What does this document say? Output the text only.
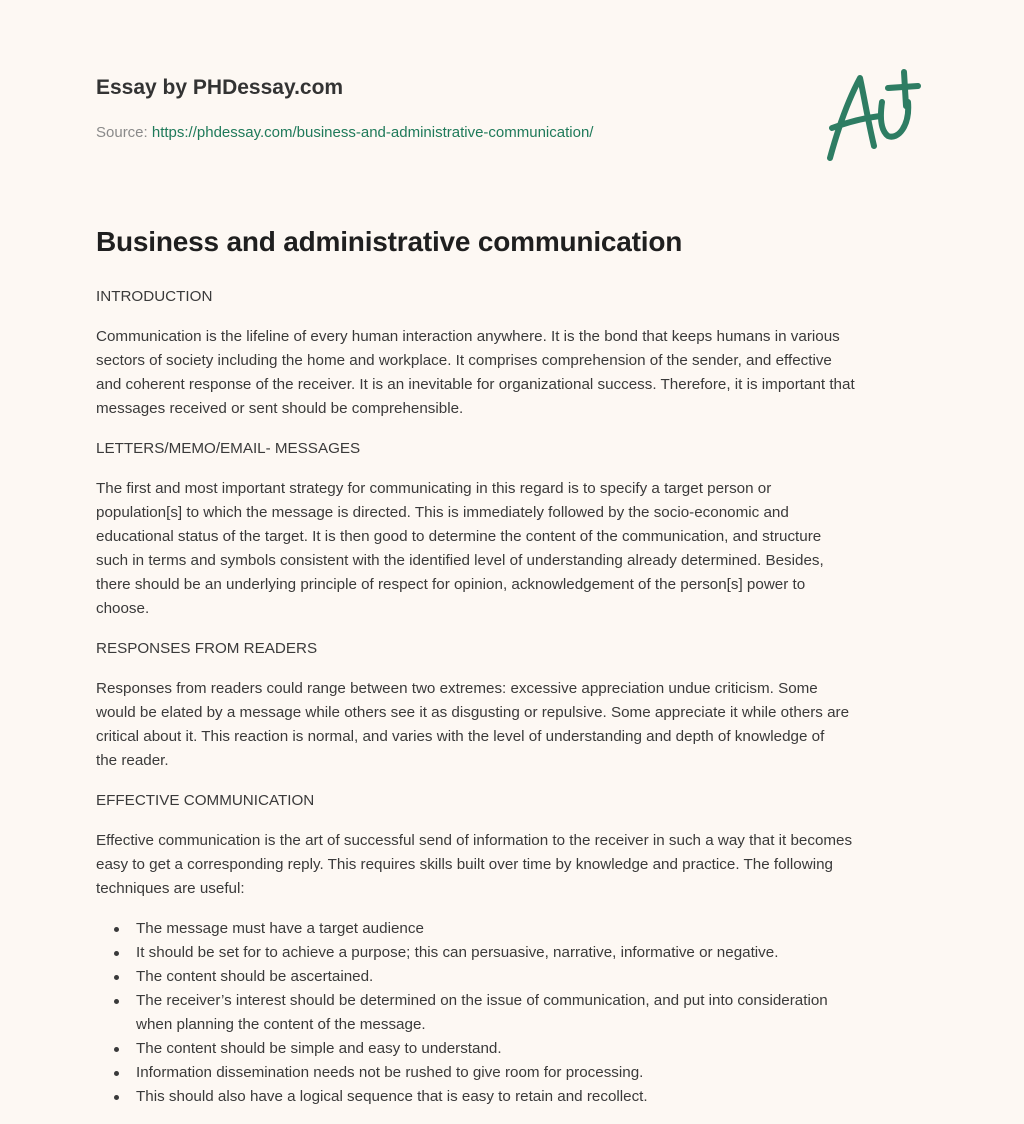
Essay by PHDessay.com
Source: https://phdessay.com/business-and-administrative-communication/
Business and administrative communication

INTRODUCTION

Communication is the lifeline of every human interaction anywhere. It is the bond that keeps humans in various
sectors of society including the home and workplace. It comprises comprehension of the sender, and effective
and coherent response of the receiver. It is an inevitable for organizational success. Therefore, it is important that
messages received or sent should be comprehensible.

LETTERS/MEMO/EMAIL- MESSAGES

The first and most important strategy for communicating in this regard is to specify a target person or
population[s] to which the message is directed. This is immediately followed by the socio-economic and
educational status of the target. It is then good to determine the content of the communication, and structure
such in terms and symbols consistent with the identified level of understanding already determined. Besides,
there should be an underlying principle of respect for opinion, acknowledgement of the person[s] power to
choose.

RESPONSES FROM READERS

Responses from readers could range between two extremes: excessive appreciation undue criticism. Some
would be elated by a message while others see it as disgusting or repulsive. Some appreciate it while others are
critical about it. This reaction is normal, and varies with the level of understanding and depth of knowledge of
the reader.

EFFECTIVE COMMUNICATION

Effective communication is the art of successful send of information to the receiver in such a way that it becomes
easy to get a corresponding reply. This requires skills built over time by knowledge and practice. The following
techniques are useful:

The message must have a target audience
It should be set for to achieve a purpose; this can persuasive, narrative, informative or negative.
The content should be ascertained.
The receiver’s interest should be determined on the issue of communication, and put into consideration
when planning the content of the message.
The content should be simple and easy to understand.
Information dissemination needs not be rushed to give room for processing.
This should also have a logical sequence that is easy to retain and recollect.
